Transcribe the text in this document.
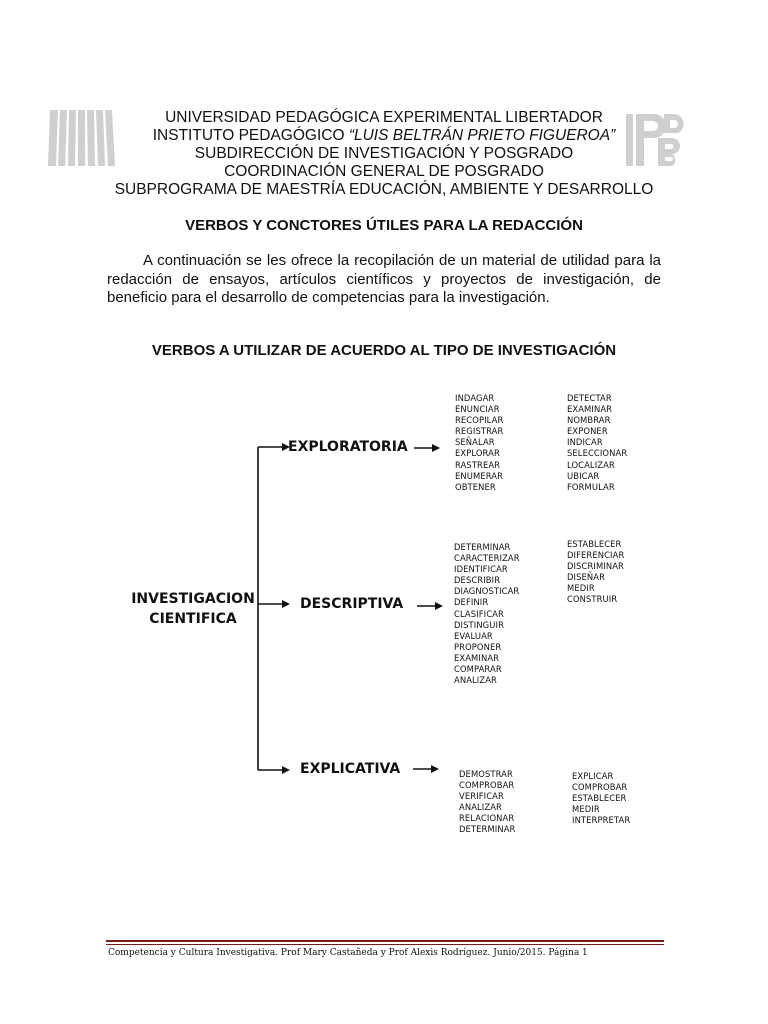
UNIVERSIDAD PEDAGÓGICA EXPERIMENTAL LIBERTADOR
INSTITUTO PEDAGÓGICO “LUIS BELTRÁN PRIETO FIGUEROA”
SUBDIRECCIÓN DE INVESTIGACIÓN Y POSGRADO
COORDINACIÓN GENERAL DE POSGRADO
SUBPROGRAMA DE MAESTRÍA EDUCACIÓN, AMBIENTE Y DESARROLLO
VERBOS Y CONCTORES ÚTILES PARA LA REDACCIÓN
A continuación se les ofrece la recopilación de un material de utilidad para la redacción de ensayos, artículos científicos y proyectos de investigación, de beneficio para el desarrollo de competencias para la investigación.
VERBOS A UTILIZAR DE ACUERDO AL TIPO DE INVESTIGACIÓN
INVESTIGACION
CIENTIFICA
EXPLORATORIA
DESCRIPTIVA
EXPLICATIVA
INDAGAR
ENUNCIAR
RECOPILAR
REGISTRAR
SEÑALAR
EXPLORAR
RASTREAR
ENUMERAR
OBTENER
DETECTAR
EXAMINAR
NOMBRAR
EXPONER
INDICAR
SELECCIONAR
LOCALIZAR
UBICAR
FORMULAR
DETERMINAR
CARACTERIZAR
IDENTIFICAR
DESCRIBIR
DIAGNOSTICAR
DEFINIR
CLASIFICAR
DISTINGUIR
EVALUAR
PROPONER
EXAMINAR
COMPARAR
ANALIZAR
ESTABLECER
DIFERENCIAR
DISCRIMINAR
DISEÑAR
MEDIR
CONSTRUIR
DEMOSTRAR
COMPROBAR
VERIFICAR
ANALIZAR
RELACIONAR
DETERMINAR
EXPLICAR
COMPROBAR
ESTABLECER
MEDIR
INTERPRETAR
Competencia y Cultura Investigativa. Prof Mary Castañeda y Prof Alexis Rodríguez. Junio/2015. Página 1
